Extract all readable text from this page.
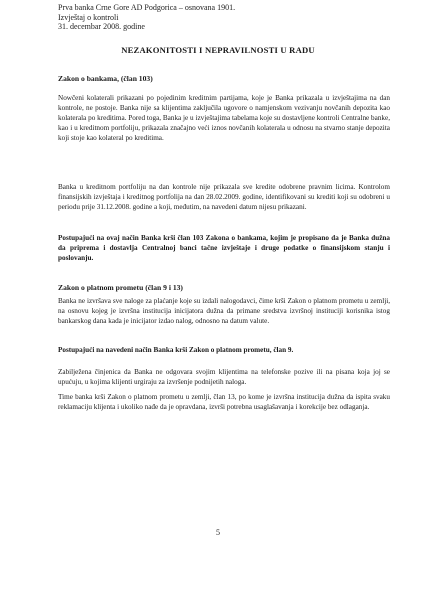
Prva banka Crne Gore AD Podgorica – osnovana 1901.
Izvještaj o kontroli
31. decembar 2008. godine
NEZAKONITOSTI I NEPRAVILNOSTI U RADU
Zakon o bankama, (član 103)
Nowčeni kolaterali prikazani po pojedinim kreditnim partijama, koje je Banka prikazala u izvještajima na dan kontrole, ne postoje. Banka nije sa klijentima zaključila ugovore o namjenskom vezivanju novčanih depozita kao kolaterala po kreditima. Pored toga, Banka je u izvještajima tabelama koje su dostavljene kontroli Centralne banke, kao i u kreditnom portfoliju, prikazala značajno veći iznos novčanih kolaterala u odnosu na stvarno stanje depozita koji stoje kao kolateral po kreditima.
Banka u kreditnom portfoliju na dan kontrole nije prikazala sve kredite odobrene pravnim licima. Kontrolom finansijskih izvještaja i kreditnog portfolija na dan 28.02.2009. godine, identifikovani su krediti koji su odobreni u periodu prije 31.12.2008. godine a koji, međutim, na navedeni datum nijesu prikazani.
Postupajući na ovaj način Banka krši član 103 Zakona o bankama, kojim je propisano da je Banka dužna da priprema i dostavlja Centralnoj banci tačne izvještaje i druge podatke o finansijskom stanju i poslovanju.
Zakon o platnom prometu (član 9 i 13)
Banka ne izvršava sve naloge za plaćanje koje su izdali nalogodavci, čime krši Zakon o platnom prometu u zemlji, na osnovu kojeg je izvršna institucija inicijatora dužna da primane sredstva izvršnoj instituciji korisnika istog bankarskog dana kada je inicijator izdao nalog, odnosno na datum valute.
Postupajući na navedeni način Banka krši Zakon o platnom prometu, član 9.
Zabilježena činjenica da Banka ne odgovara svojim klijentima na telefonske pozive ili na pisana koja joj se upućuju, u kojima klijenti urgiraju za izvršenje podnijetih naloga.
Time banka krši Zakon o platnom prometu u zemlji, član 13, po kome je izvršna institucija dužna da ispita svaku reklamaciju klijenta i ukoliko nađe da je opravdana, izvrši potrebna usaglašavanja i korekcije bez odlaganja.
5
